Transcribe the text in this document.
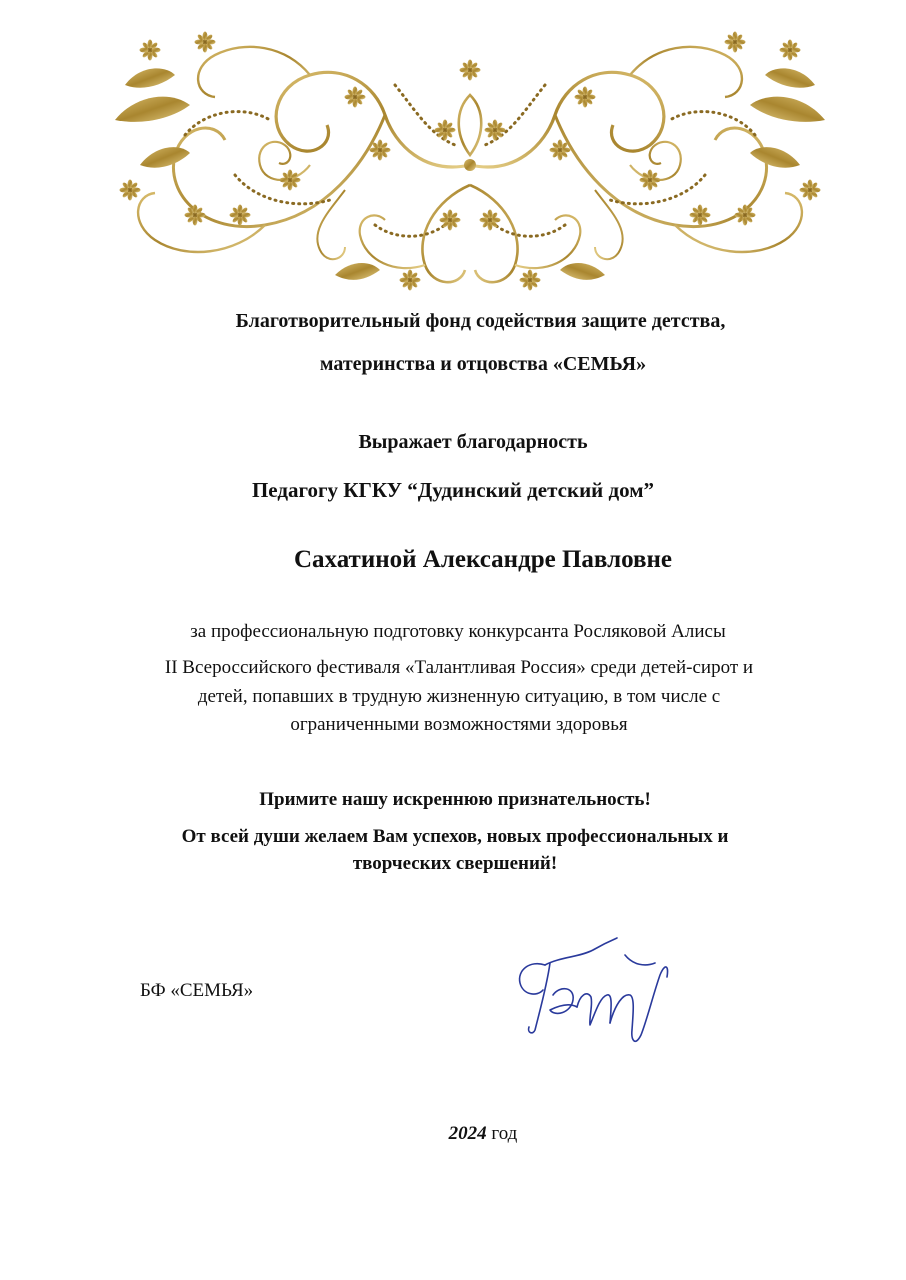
Благотворительный фонд содействия защите детства,
материнства и отцовства «СЕМЬЯ»
Выражает благодарность
Педагогу КГКУ “Дудинский детский дом”
Сахатиной Александре Павловне
за профессиональную подготовку конкурсанта Росляковой Алисы
II Всероссийского фестиваля «Талантливая Россия» среди детей-сирот и
детей, попавших в трудную жизненную ситуацию, в том числе с
ограниченными возможностями здоровья
Примите нашу искреннюю признательность!
От всей души желаем Вам успехов, новых профессиональных и
творческих свершений!
БФ «СЕМЬЯ»
2024 год
